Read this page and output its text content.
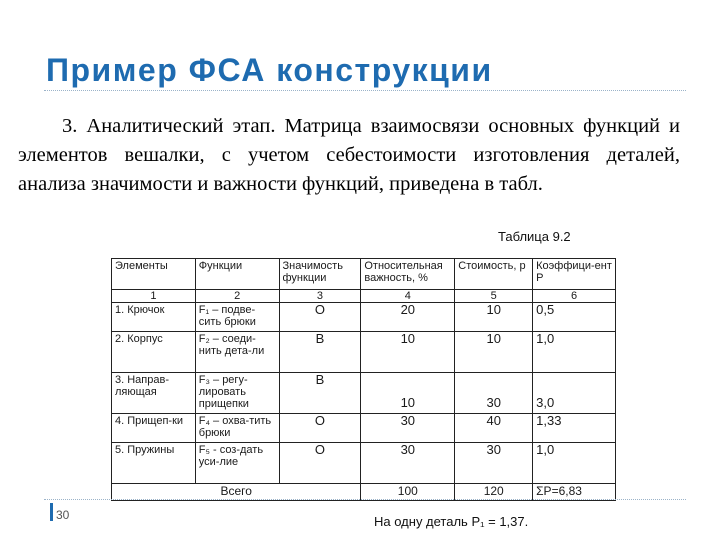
Пример ФСА конструкции

3. Аналитический этап. Матрица взаимосвязи основных функций и элементов вешалки, с учетом себестоимости изготовления деталей, анализа значимости и важности функций, приведена в табл.

Таблица 9.2
Элементы	Функции	Значимость функции	Относительная важность, %	Стоимость, р	Коэффици-ент Р
1	2	3	4	5	6
1. Крючок	F₁ – подве-сить брюки	О	20	10	0,5
2. Корпус	F₂ – соеди-нить дета-ли	В	10	10	1,0
3. Направ-ляющая	F₃ – регу-лировать прищепки	В	10	30	3,0
4. Прищеп-ки	F₄ – охва-тить брюки	О	30	40	1,33
5. Пружины	F₅ - соз-дать уси-лие	О	30	30	1,0
Всего			100	120	ΣР=6,83
30	На одну деталь Р₁ = 1,37.
